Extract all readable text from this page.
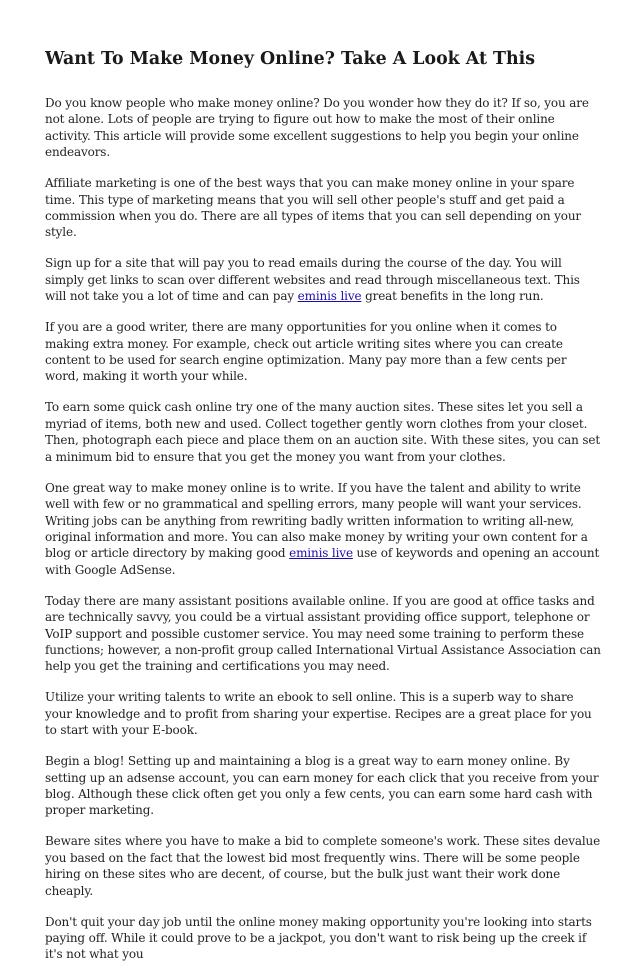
Want To Make Money Online? Take A Look At This

Do you know people who make money online? Do you wonder how they do it? If so, you are not alone. Lots of people are trying to figure out how to make the most of their online activity. This article will provide some excellent suggestions to help you begin your online endeavors.

Affiliate marketing is one of the best ways that you can make money online in your spare time. This type of marketing means that you will sell other people's stuff and get paid a commission when you do. There are all types of items that you can sell depending on your style.

Sign up for a site that will pay you to read emails during the course of the day. You will simply get links to scan over different websites and read through miscellaneous text. This will not take you a lot of time and can pay eminis live great benefits in the long run.

If you are a good writer, there are many opportunities for you online when it comes to making extra money. For example, check out article writing sites where you can create content to be used for search engine optimization. Many pay more than a few cents per word, making it worth your while.

To earn some quick cash online try one of the many auction sites. These sites let you sell a myriad of items, both new and used. Collect together gently worn clothes from your closet. Then, photograph each piece and place them on an auction site. With these sites, you can set a minimum bid to ensure that you get the money you want from your clothes.

One great way to make money online is to write. If you have the talent and ability to write well with few or no grammatical and spelling errors, many people will want your services. Writing jobs can be anything from rewriting badly written information to writing all-new, original information and more. You can also make money by writing your own content for a blog or article directory by making good eminis live use of keywords and opening an account with Google AdSense.

Today there are many assistant positions available online. If you are good at office tasks and are technically savvy, you could be a virtual assistant providing office support, telephone or VoIP support and possible customer service. You may need some training to perform these functions; however, a non-profit group called International Virtual Assistance Association can help you get the training and certifications you may need.

Utilize your writing talents to write an ebook to sell online. This is a superb way to share your knowledge and to profit from sharing your expertise. Recipes are a great place for you to start with your E-book.

Begin a blog! Setting up and maintaining a blog is a great way to earn money online. By setting up an adsense account, you can earn money for each click that you receive from your blog. Although these click often get you only a few cents, you can earn some hard cash with proper marketing.

Beware sites where you have to make a bid to complete someone's work. These sites devalue you based on the fact that the lowest bid most frequently wins. There will be some people hiring on these sites who are decent, of course, but the bulk just want their work done cheaply.

Don't quit your day job until the online money making opportunity you're looking into starts paying off. While it could prove to be a jackpot, you don't want to risk being up the creek if it's not what you
